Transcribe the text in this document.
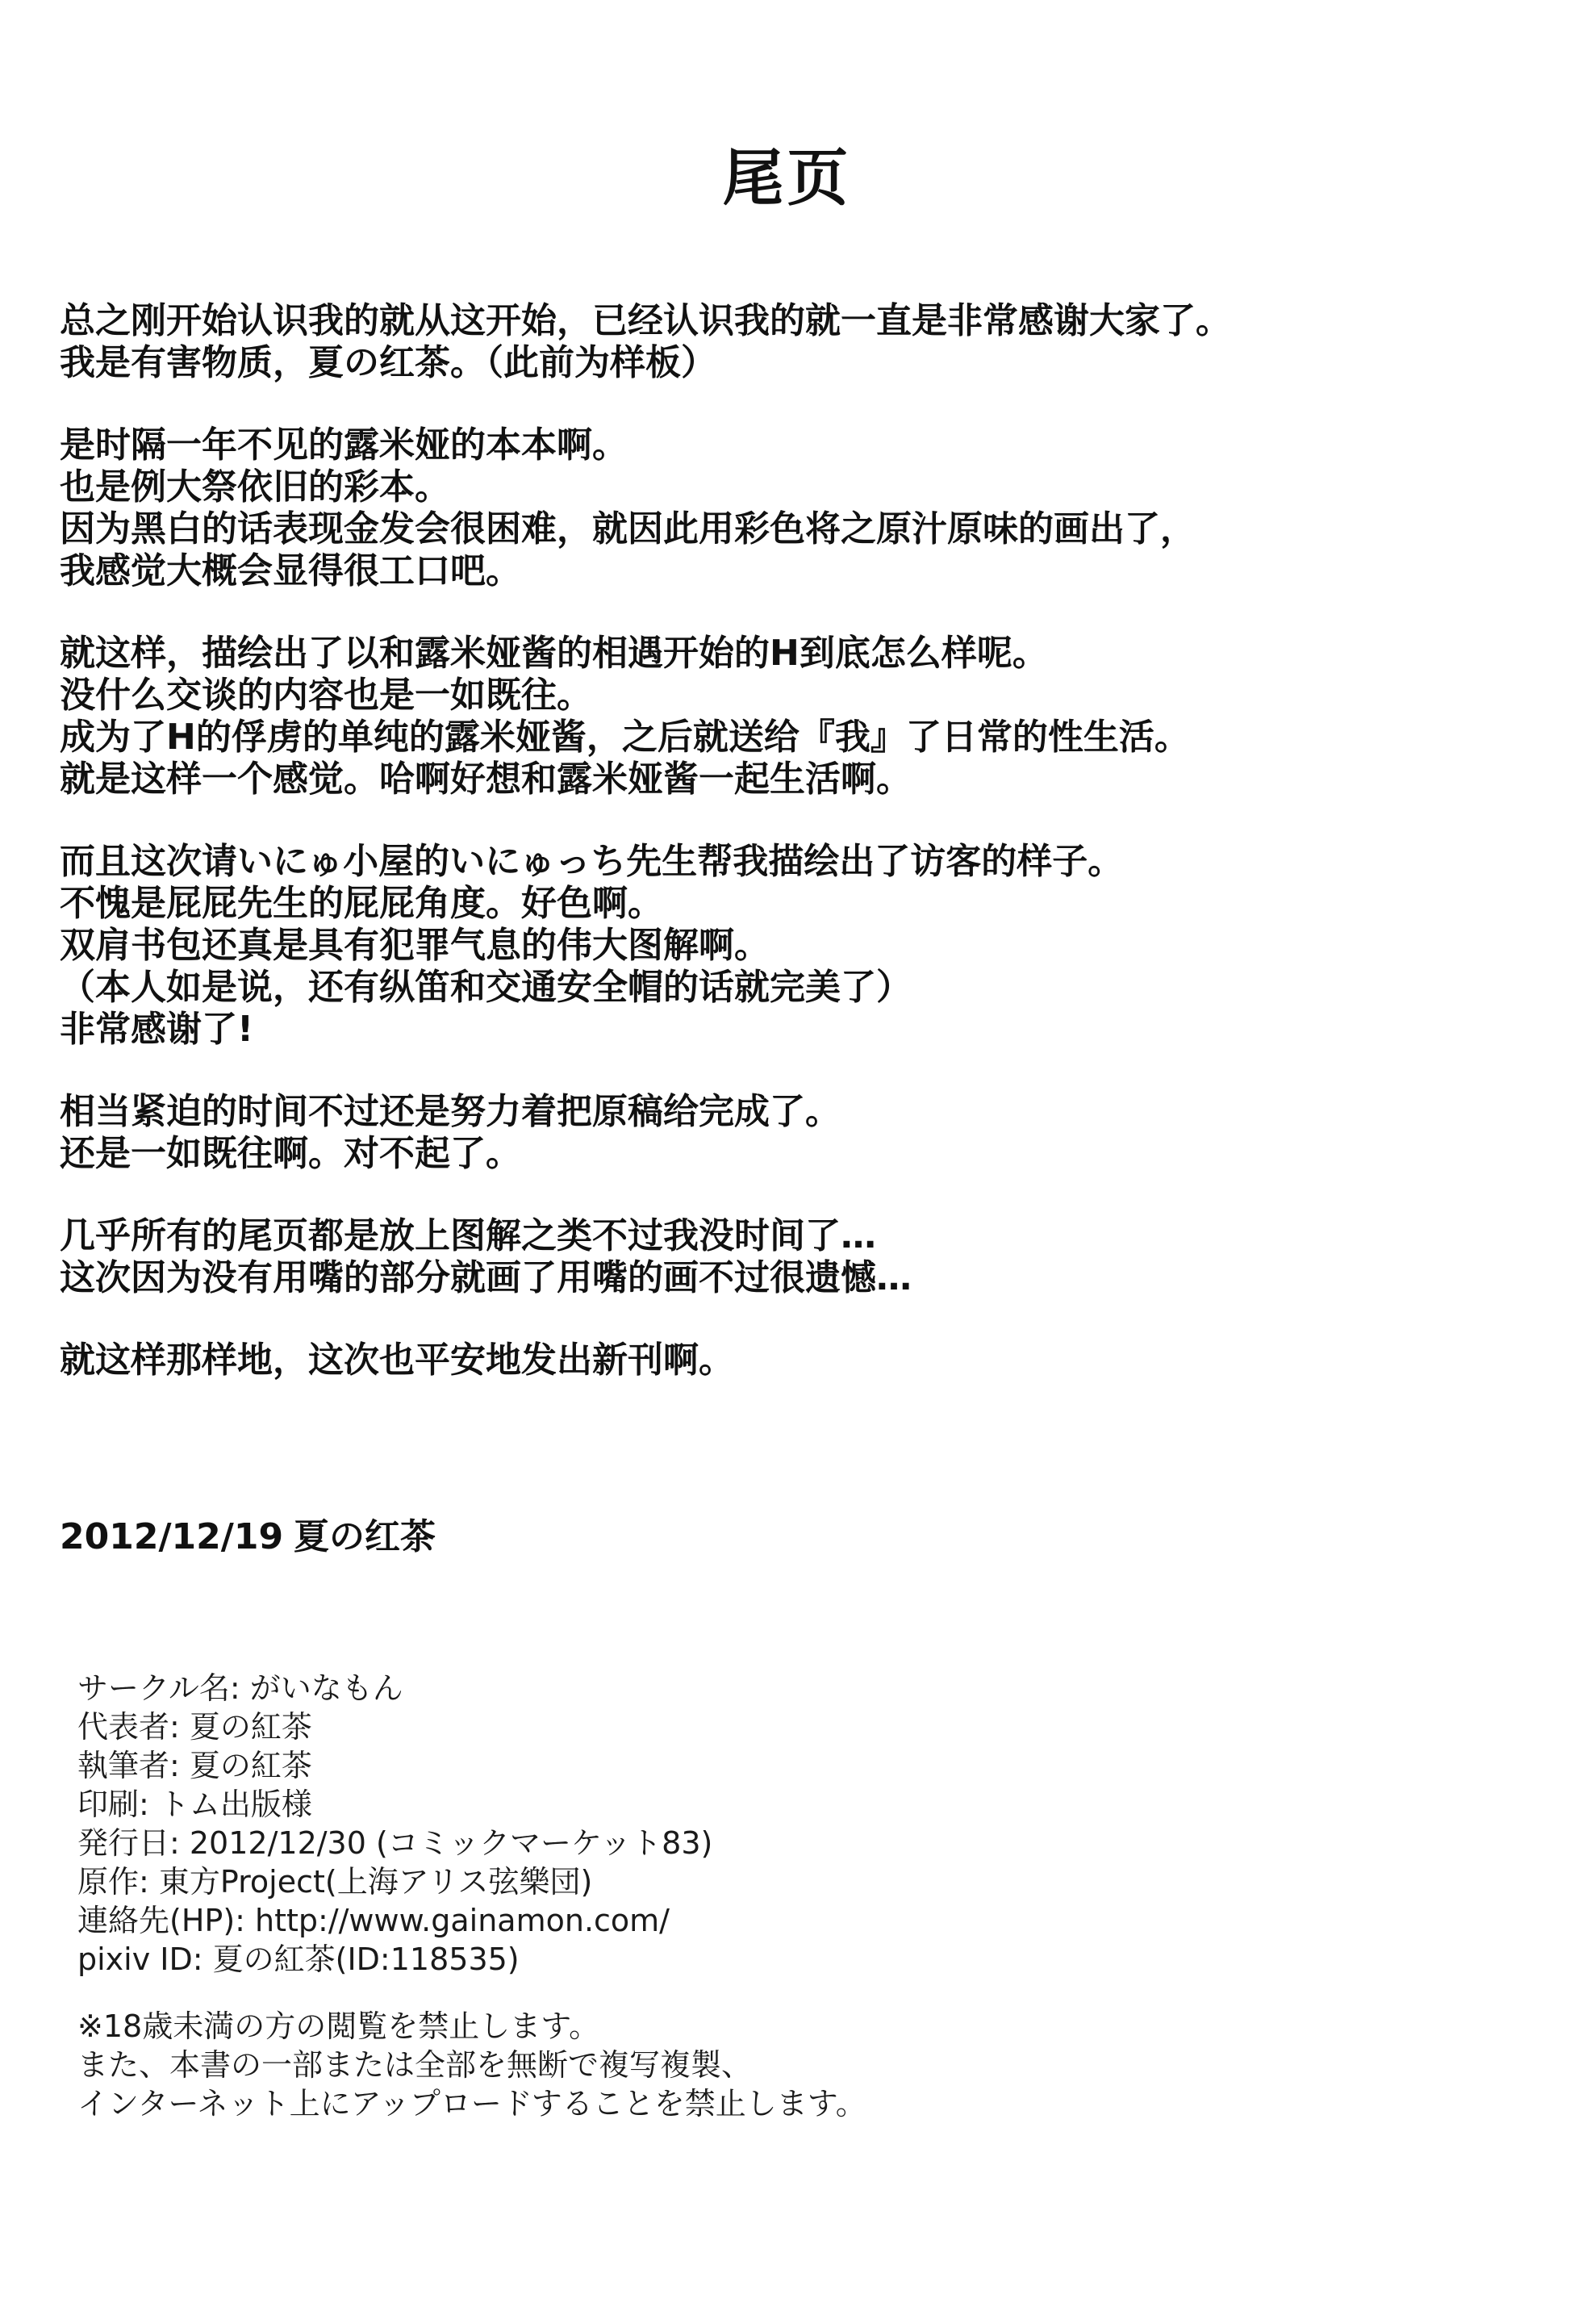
尾页
总之刚开始认识我的就从这开始，已经认识我的就一直是非常感谢大家了。
我是有害物质，夏の红茶。（此前为样板）
是时隔一年不见的露米娅的本本啊。
也是例大祭依旧的彩本。
因为黑白的话表现金发会很困难，就因此用彩色将之原汁原味的画出了，
我感觉大概会显得很工口吧。
就这样，描绘出了以和露米娅酱的相遇开始的H到底怎么样呢。
没什么交谈的内容也是一如既往。
成为了H的俘虏的单纯的露米娅酱，之后就送给『我』了日常的性生活。
就是这样一个感觉。哈啊好想和露米娅酱一起生活啊。
而且这次请いにゅ小屋的いにゅっち先生帮我描绘出了访客的样子。
不愧是屁屁先生的屁屁角度。好色啊。
双肩书包还真是具有犯罪气息的伟大图解啊。
（本人如是说，还有纵笛和交通安全帽的话就完美了）
非常感谢了!
相当紧迫的时间不过还是努力着把原稿给完成了。
还是一如既往啊。对不起了。
几乎所有的尾页都是放上图解之类不过我没时间了…
这次因为没有用嘴的部分就画了用嘴的画不过很遗憾…
就这样那样地，这次也平安地发出新刊啊。
2012/12/19 夏の红茶
サークル名: がいなもん
代表者: 夏の紅茶
執筆者: 夏の紅茶
印刷: トム出版様
発行日: 2012/12/30 (コミックマーケット83)
原作: 東方Project(上海アリス弦樂団)
連絡先(HP): http://www.gainamon.com/
pixiv ID: 夏の紅茶(ID:118535)
※18歳未満の方の閲覧を禁止します。
また、本書の一部または全部を無断で複写複製、
インターネット上にアップロードすることを禁止します。
